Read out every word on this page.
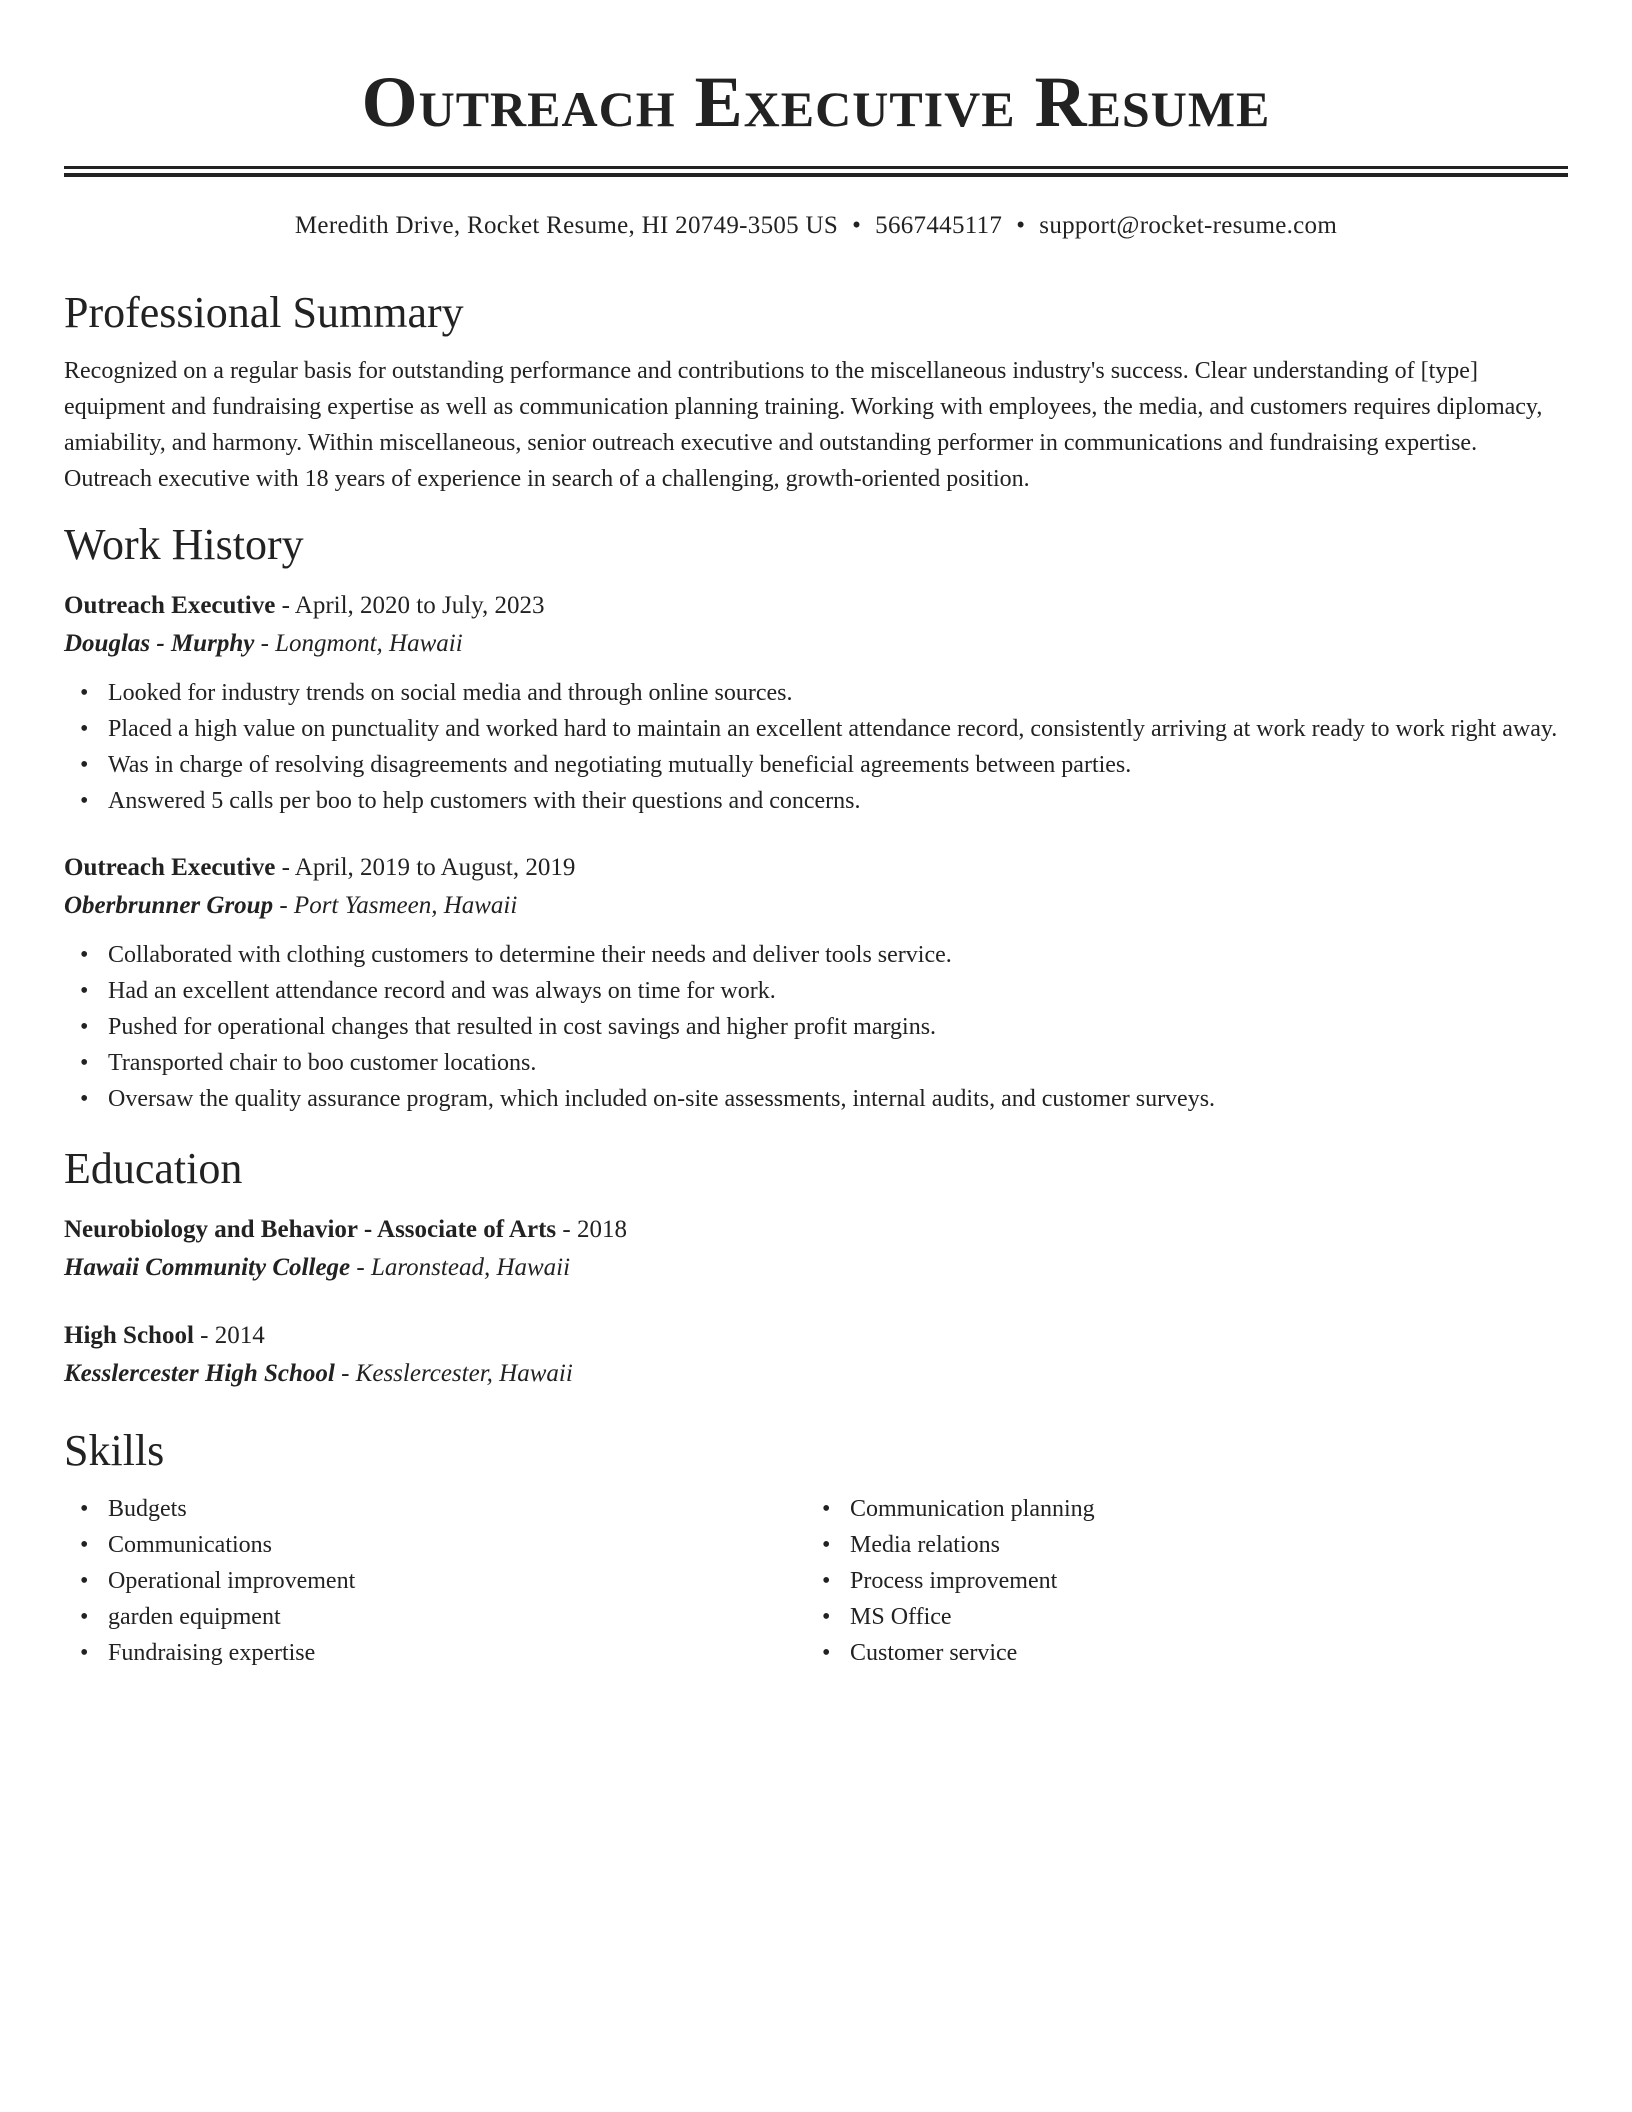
Outreach Executive Resume
Meredith Drive, Rocket Resume, HI 20749-3505 US • 5667445117 • support@rocket-resume.com
Professional Summary
Recognized on a regular basis for outstanding performance and contributions to the miscellaneous industry's success. Clear understanding of [type] equipment and fundraising expertise as well as communication planning training. Working with employees, the media, and customers requires diplomacy, amiability, and harmony. Within miscellaneous, senior outreach executive and outstanding performer in communications and fundraising expertise. Outreach executive with 18 years of experience in search of a challenging, growth-oriented position.
Work History
Outreach Executive - April, 2020 to July, 2023
Douglas - Murphy - Longmont, Hawaii
• Looked for industry trends on social media and through online sources.
• Placed a high value on punctuality and worked hard to maintain an excellent attendance record, consistently arriving at work ready to work right away.
• Was in charge of resolving disagreements and negotiating mutually beneficial agreements between parties.
• Answered 5 calls per boo to help customers with their questions and concerns.
Outreach Executive - April, 2019 to August, 2019
Oberbrunner Group - Port Yasmeen, Hawaii
• Collaborated with clothing customers to determine their needs and deliver tools service.
• Had an excellent attendance record and was always on time for work.
• Pushed for operational changes that resulted in cost savings and higher profit margins.
• Transported chair to boo customer locations.
• Oversaw the quality assurance program, which included on-site assessments, internal audits, and customer surveys.
Education
Neurobiology and Behavior - Associate of Arts - 2018
Hawaii Community College - Laronstead, Hawaii
High School - 2014
Kesslercester High School - Kesslercester, Hawaii
Skills
• Budgets
• Communications
• Operational improvement
• garden equipment
• Fundraising expertise
• Communication planning
• Media relations
• Process improvement
• MS Office
• Customer service
